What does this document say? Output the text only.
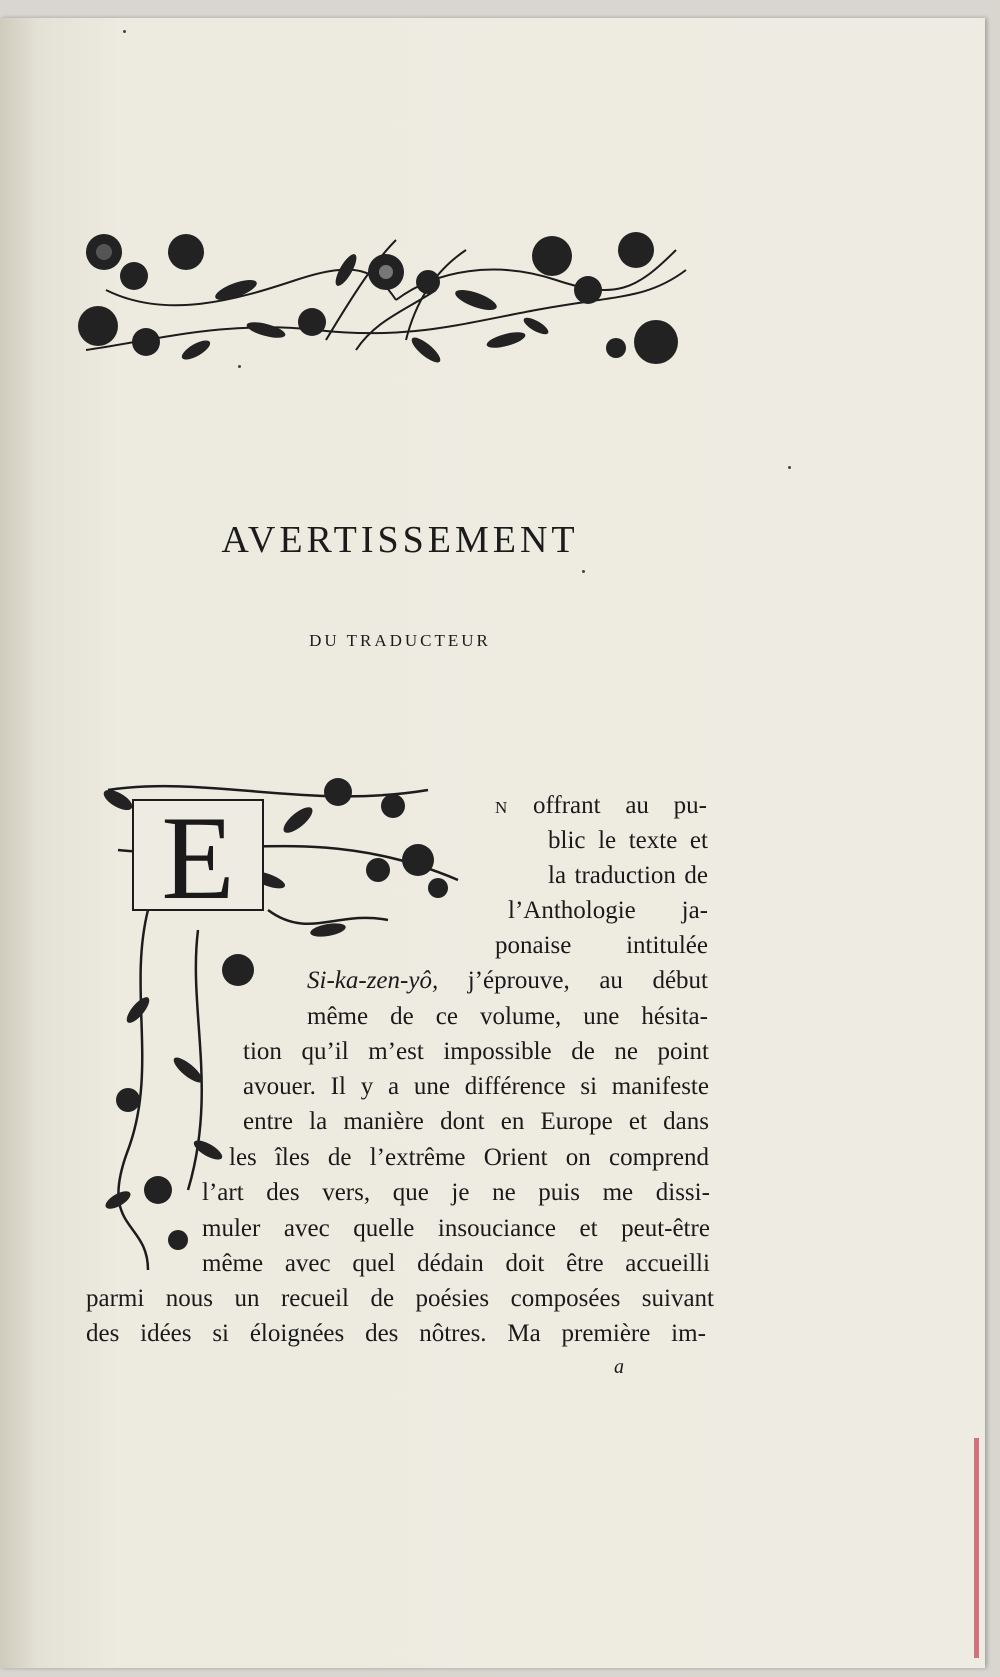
AVERTISSEMENT
DU TRADUCTEUR
E	N offrant au pu-
blic le texte et
la traduction de
l’Anthologie ja-
ponaise intitulée
Si-ka-zen-yô, j’éprouve, au début
même de ce volume, une hésita-
tion qu’il m’est impossible de ne point
avouer. Il y a une différence si manifeste
entre la manière dont en Europe et dans
les îles de l’extrême Orient on comprend
l’art des vers, que je ne puis me dissi-
muler avec quelle insouciance et peut-être
même avec quel dédain doit être accueilli
parmi nous un recueil de poésies composées suivant
des idées si éloignées des nôtres. Ma première im-
a
